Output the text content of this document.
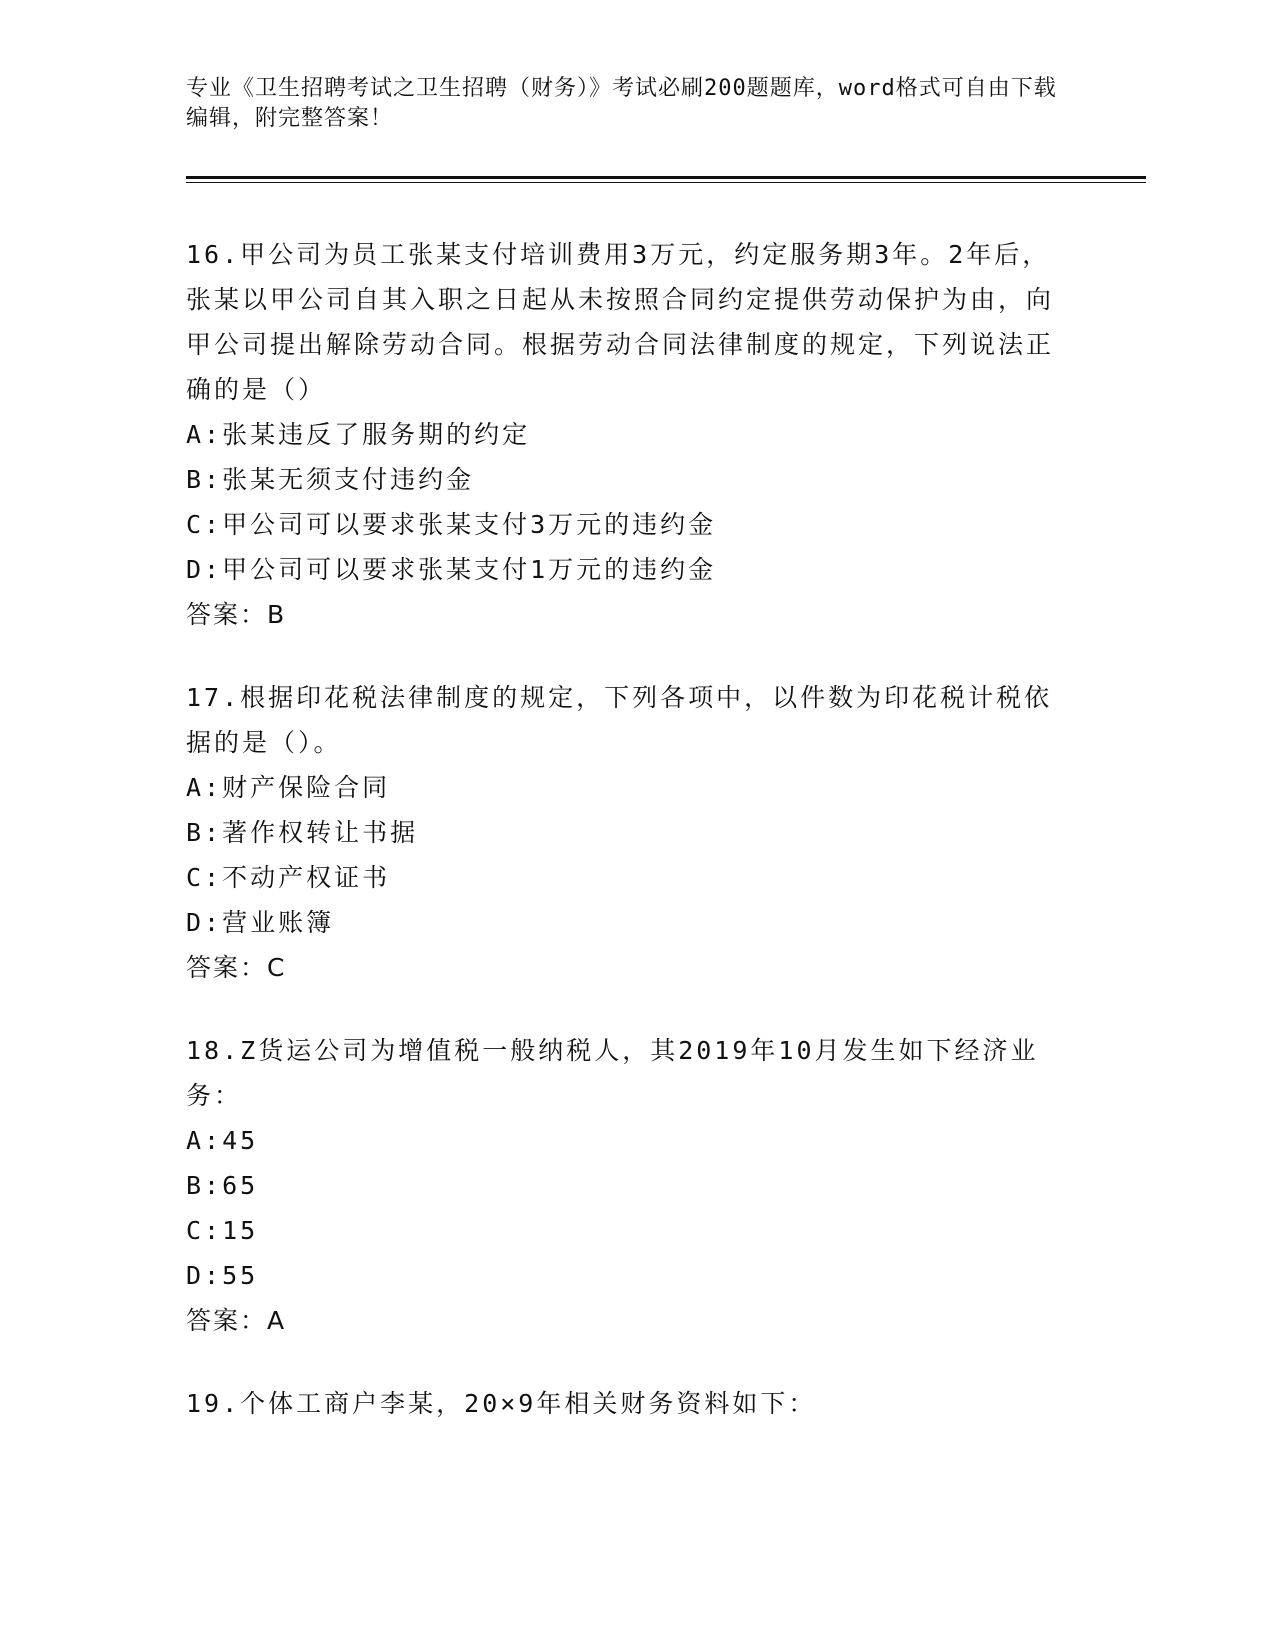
专业《卫生招聘考试之卫生招聘（财务）》考试必刷200题题库，word格式可自由下载编辑，附完整答案！

16.甲公司为员工张某支付培训费用3万元，约定服务期3年。2年后，张某以甲公司自其入职之日起从未按照合同约定提供劳动保护为由，向甲公司提出解除劳动合同。根据劳动合同法律制度的规定，下列说法正确的是（）

A:张某违反了服务期的约定

B:张某无须支付违约金

C:甲公司可以要求张某支付3万元的违约金

D:甲公司可以要求张某支付1万元的违约金

答案：B

17.根据印花税法律制度的规定，下列各项中，以件数为印花税计税依据的是（）。

A:财产保险合同

B:著作权转让书据

C:不动产权证书

D:营业账簿

答案：C

18.Z货运公司为增值税一般纳税人，其2019年10月发生如下经济业务：

A:45

B:65

C:15

D:55

答案：A

19.个体工商户李某，20×9年相关财务资料如下：
